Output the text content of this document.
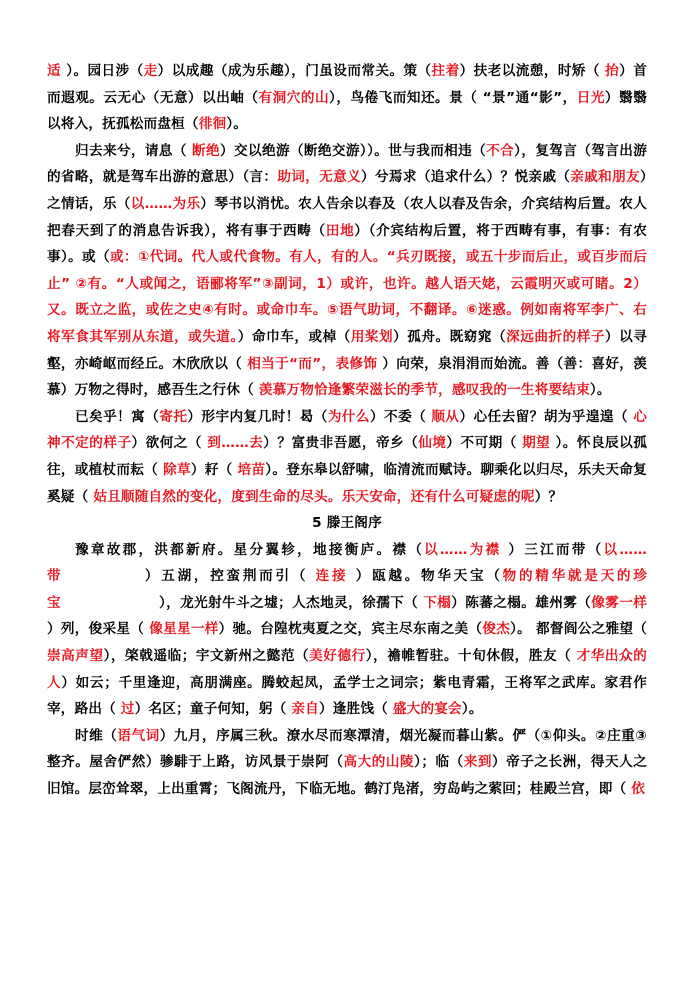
适 ）。园日涉（走）以成趣（成为乐趣），门虽设而常关。策（拄着）扶老以流憩，时矫（ 抬）首而遐观。云无心（无意）以出岫（有洞穴的山），鸟倦飞而知还。景（ “景”通“影”，日光）翳翳以将入，抚孤松而盘桓（徘徊）。

归去来兮，请息（ 断绝）交以绝游（断绝交游））。世与我而相违（不合），复驾言（驾言出游的省略，就是驾车出游的意思）（言：助词，无意义）兮焉求（追求什么）？悦亲戚（亲戚和朋友）之情话，乐（以……为乐）琴书以消忧。农人告余以春及（农人以春及告余，介宾结构后置。农人把春天到了的消息告诉我），将有事于西畴（田地）（介宾结构后置，将于西畴有事，有事：有农事）。或（或：①代词。代人或代食物。有人，有的人。“兵刃既接，或五十步而后止，或百步而后止” ②有。“人或闻之，语郦将军”③副词，1）或许，也许。越人语天姥，云霞明灭或可睹。2）又。既立之监，或佐之史④有时。或命巾车。⑤语气助词，不翻译。⑥迷惑。例如南将军李广、右将军食其军别从东道，或失道。）命巾车，或棹（用桨划）孤舟。既窈窕（深远曲折的样子）以寻壑，亦崎岖而经丘。木欣欣以（ 相当于“而”，表修饰 ）向荣，泉涓涓而始流。善（善：喜好，羡慕）万物之得时，感吾生之行休（ 羡慕万物恰逢繁荣滋长的季节，感叹我的一生将要结束）。

已矣乎！寓（寄托）形宇内复几时！曷（为什么）不委（ 顺从）心任去留？胡为乎遑遑（ 心神不定的样子）欲何之（ 到……去）？富贵非吾愿，帝乡（仙境）不可期（ 期望 ）。怀良辰以孤往，或植杖而耘（ 除草）耔（ 培苗）。登东皋以舒啸，临清流而赋诗。聊乘化以归尽，乐夫天命复奚疑（ 姑且顺随自然的变化，度到生命的尽头。乐天安命，还有什么可疑虑的呢）？

5 滕王阁序

豫章故郡，洪都新府。星分翼轸，地接衡庐。襟（以……为襟 ）三江而带（以……带　　　　　）五湖，控蛮荆而引（ 连接 ）瓯越。物华天宝（物的精华就是天的珍宝　　　　　　　），龙光射牛斗之墟；人杰地灵，徐孺下（ 下榻）陈蕃之榻。雄州雾（像雾一样 ）列，俊采星（ 像星星一样）驰。台隍枕夷夏之交，宾主尽东南之美（俊杰）。 都督阎公之雅望（ 崇高声望），棨戟遥临；宇文新州之懿范（美好德行），襜帷暂驻。十旬休假，胜友（ 才华出众的人）如云；千里逢迎，高朋满座。腾蛟起凤，孟学士之词宗；紫电青霜，王将军之武库。家君作宰，路出（ 过）名区；童子何知，躬（ 亲自）逢胜饯（ 盛大的宴会）。

时维（语气词）九月，序属三秋。潦水尽而寒潭清，烟光凝而暮山紫。俨（①仰头。②庄重③整齐。屋舍俨然）骖騑于上路，访风景于崇阿（高大的山陵）；临（来到）帝子之长洲，得天人之旧馆。层峦耸翠，上出重霄；飞阁流丹，下临无地。鹤汀凫渚，穷岛屿之萦回；桂殿兰宫，即（ 依
